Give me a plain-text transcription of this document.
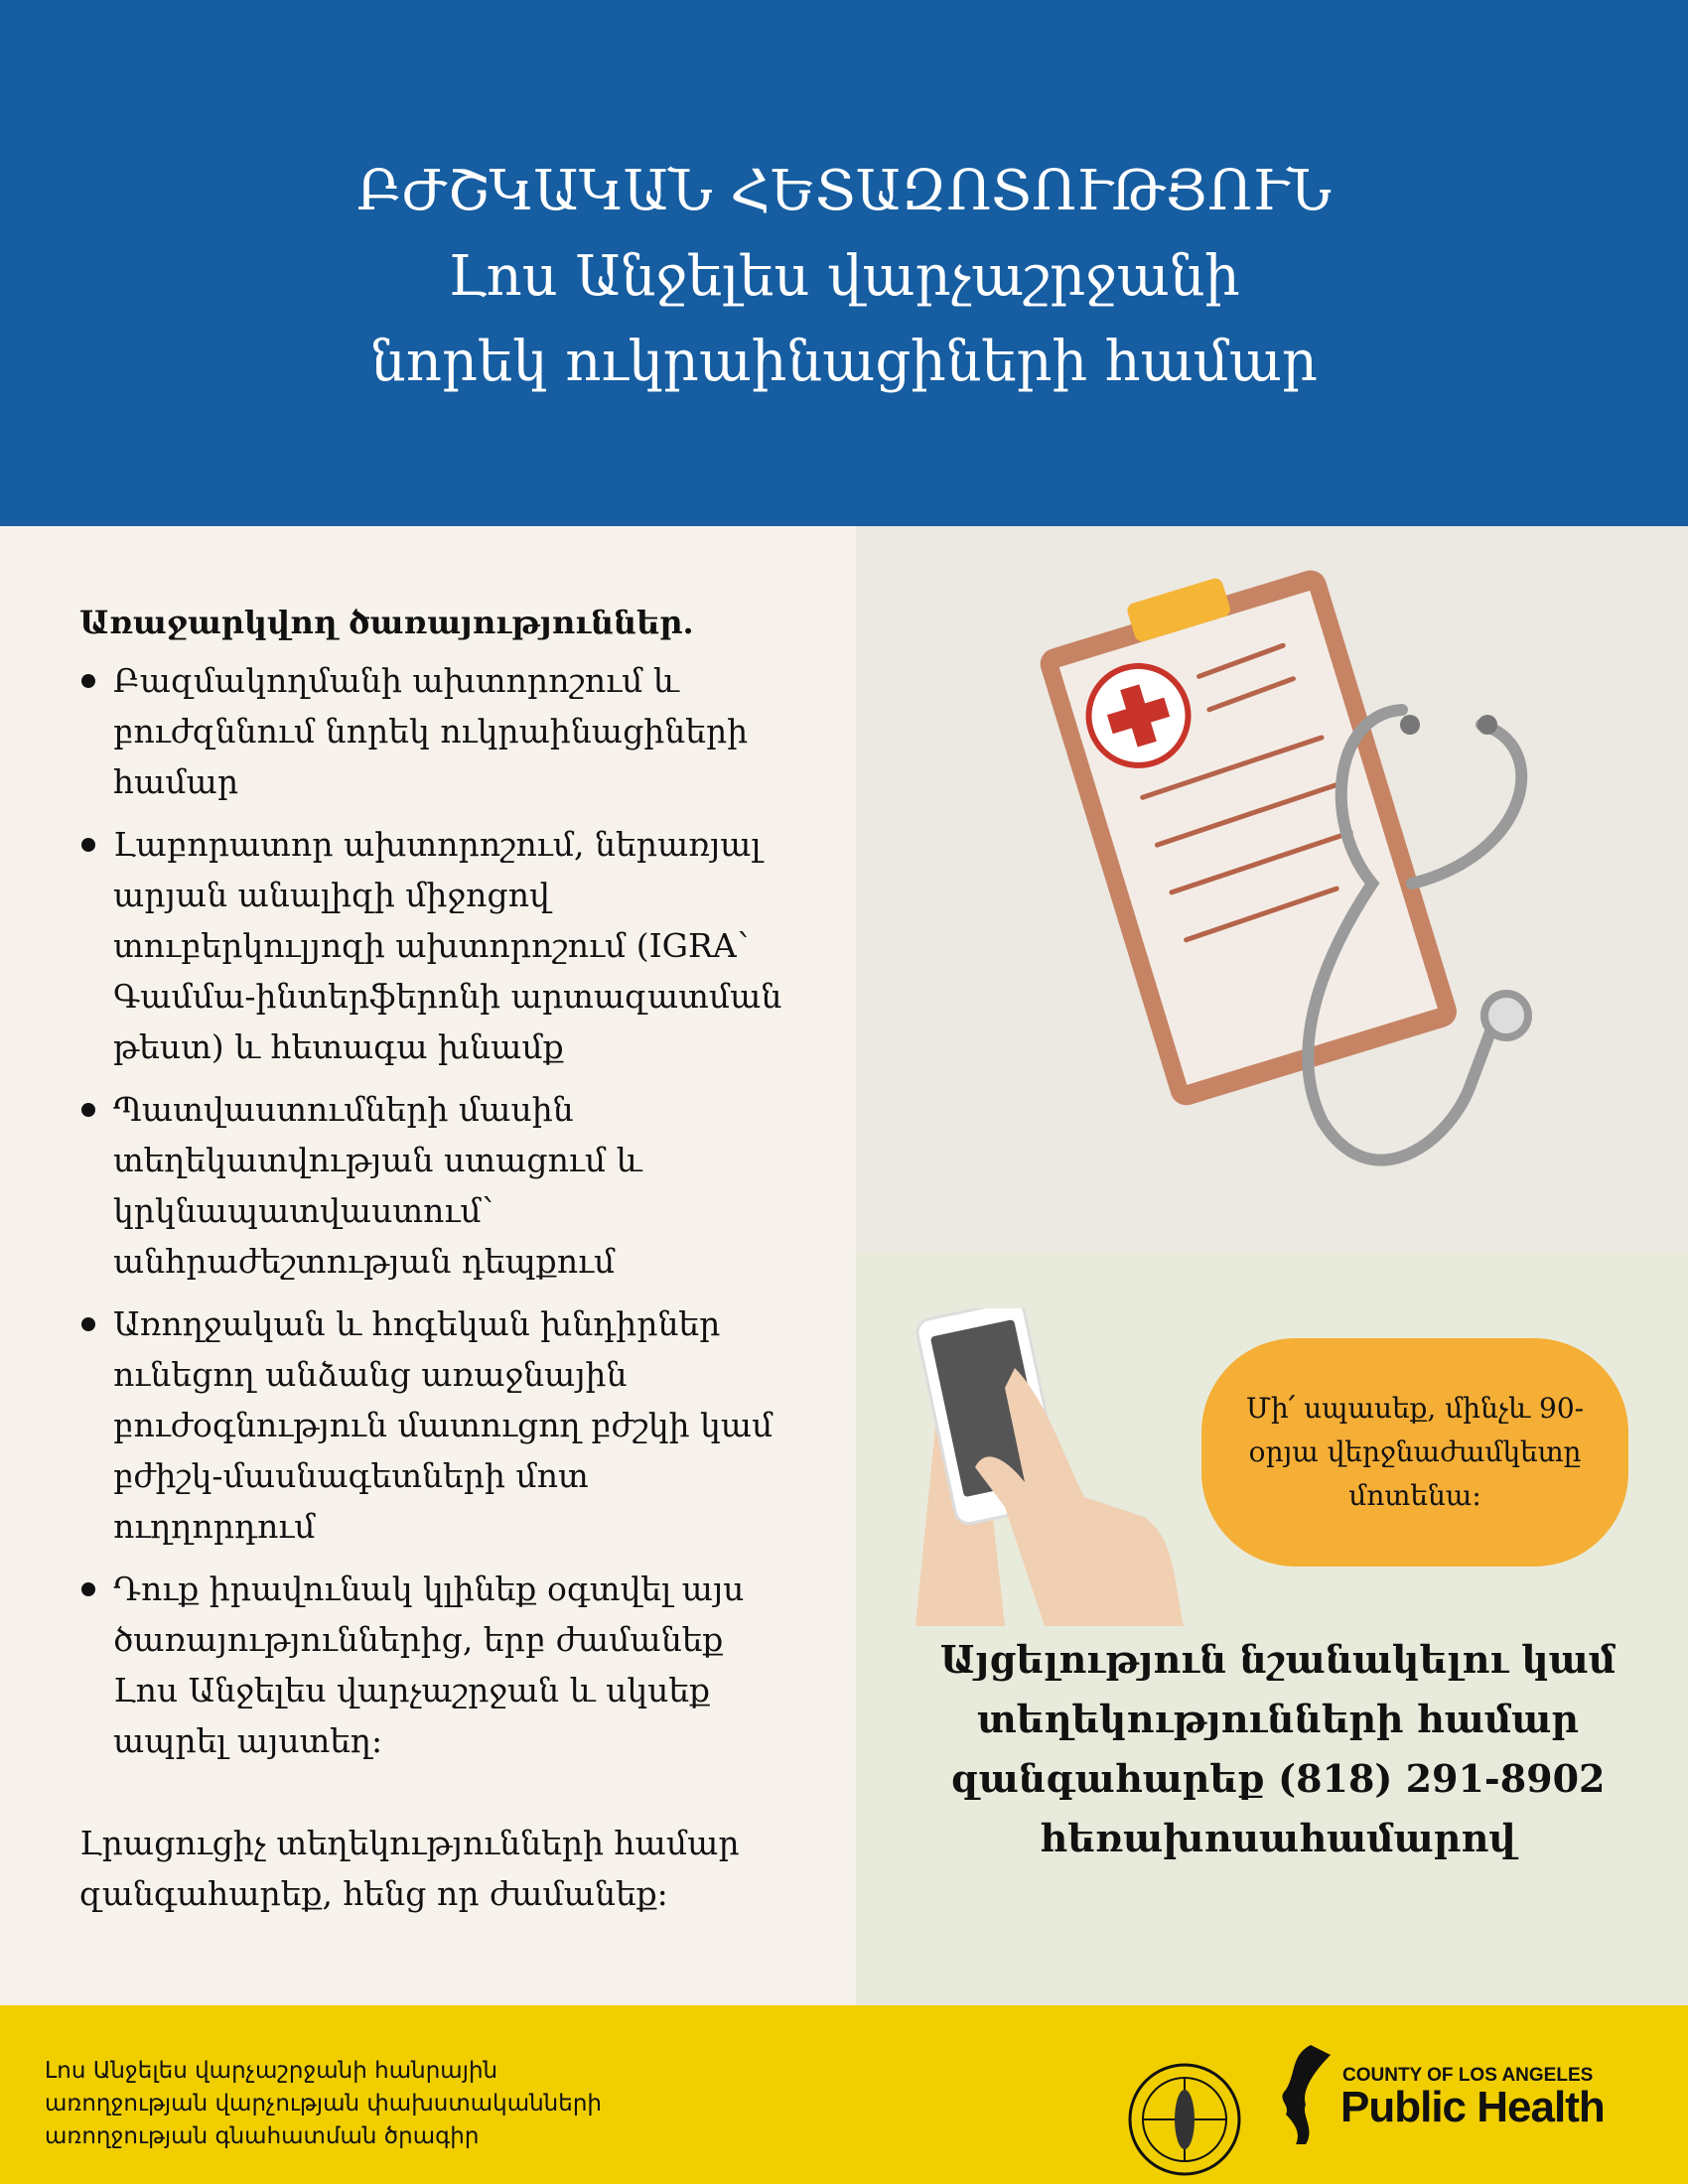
ԲԺՇԿԱԿԱՆ ՀԵՏԱԶՈՏՈՒԹՅՈՒՆ
Լոս Անջելես վարչաշրջանի
նորեկ ուկրաինացիների համար
Առաջարկվող ծառայություններ.
Բազմակողմանի ախտորոշում և բուժզննում նորեկ ուկրաինացիների համար
Լաբորատոր ախտորոշում, ներառյալ արյան անալիզի միջոցով տուբերկուլյոզի ախտորոշում (IGRA՝ Գամմա-ինտերֆերոնի արտազատման թեստ) և հետագա խնամք
Պատվաստումների մասին տեղեկատվության ստացում և կրկնապատվաստում՝ անհրաժեշտության դեպքում
Առողջական և հոգեկան խնդիրներ ունեցող անձանց առաջնային բուժօգնություն մատուցող բժշկի կամ բժիշկ-մասնագետների մոտ ուղղորդում
Դուք իրավունակ կլինեք օգտվել այս ծառայություններից, երբ ժամանեք Լոս Անջելես վարչաշրջան և սկսեք ապրել այստեղ:

Լրացուցիչ տեղեկությունների համար զանգահարեք, հենց որ ժամանեք:

Մի՛ սպասեք, մինչև 90-օրյա վերջնաժամկետը մոտենա:
Այցելություն նշանակելու կամ տեղեկությունների համար զանգահարեք (818) 291-8902 հեռախոսահամարով
Լոս Անջելես վարչաշրջանի հանրային
առողջության վարչության փախստականների
առողջության գնահատման ծրագիր
COUNTY OF LOS ANGELES
Public Health
